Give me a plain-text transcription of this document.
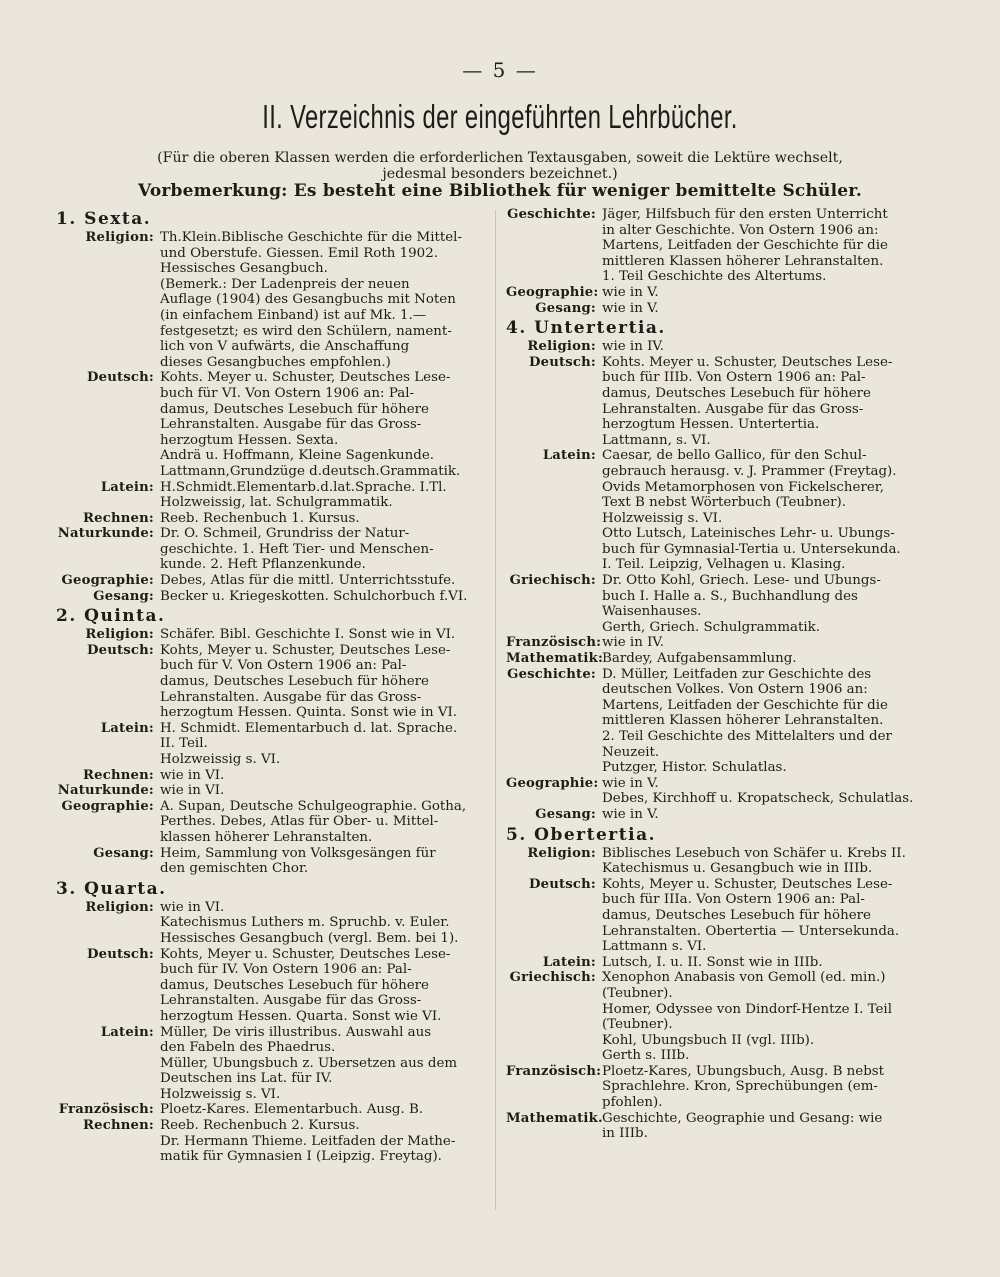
— 5 —
II. Verzeichnis der eingeführten Lehrbücher.
(Für die oberen Klassen werden die erforderlichen Textausgaben, soweit die Lektüre wechselt,
jedesmal besonders bezeichnet.)
Vorbemerkung: Es besteht eine Bibliothek für weniger bemittelte Schüler.
1. Sexta.
Religion: Th.Klein.Biblische Geschichte für die Mittel-
und Oberstufe. Giessen. Emil Roth 1902.
Hessisches Gesangbuch.
(Bemerk.: Der Ladenpreis der neuen
Auflage (1904) des Gesangbuchs mit Noten
(in einfachem Einband) ist auf Mk. 1.—
festgesetzt; es wird den Schülern, nament-
lich von V aufwärts, die Anschaffung
dieses Gesangbuches empfohlen.)
Deutsch: Kohts. Meyer u. Schuster, Deutsches Lese-
buch für VI. Von Ostern 1906 an: Pal-
damus, Deutsches Lesebuch für höhere
Lehranstalten. Ausgabe für das Gross-
herzogtum Hessen. Sexta.
Andrä u. Hoffmann, Kleine Sagenkunde.
Lattmann,Grundzüge d.deutsch.Grammatik.
Latein: H.Schmidt.Elementarb.d.lat.Sprache. I.Tl.
Holzweissig, lat. Schulgrammatik.
Rechnen: Reeb. Rechenbuch 1. Kursus.
Naturkunde: Dr. O. Schmeil, Grundriss der Natur-
geschichte. 1. Heft Tier- und Menschen-
kunde. 2. Heft Pflanzenkunde.
Geographie: Debes, Atlas für die mittl. Unterrichtsstufe.
Gesang: Becker u. Kriegeskotten. Schulchorbuch f.VI.
2. Quinta.
Religion: Schäfer. Bibl. Geschichte I. Sonst wie in VI.
Deutsch: Kohts, Meyer u. Schuster, Deutsches Lese-
buch für V. Von Ostern 1906 an: Pal-
damus, Deutsches Lesebuch für höhere
Lehranstalten. Ausgabe für das Gross-
herzogtum Hessen. Quinta. Sonst wie in VI.
Latein: H. Schmidt. Elementarbuch d. lat. Sprache.
II. Teil.
Holzweissig s. VI.
Rechnen: wie in VI.
Naturkunde: wie in VI.
Geographie: A. Supan, Deutsche Schulgeographie. Gotha,
Perthes. Debes, Atlas für Ober- u. Mittel-
klassen höherer Lehranstalten.
Gesang: Heim, Sammlung von Volksgesängen für
den gemischten Chor.
3. Quarta.
Religion: wie in VI.
Katechismus Luthers m. Spruchb. v. Euler.
Hessisches Gesangbuch (vergl. Bem. bei 1).
Deutsch: Kohts, Meyer u. Schuster, Deutsches Lese-
buch für IV. Von Ostern 1906 an: Pal-
damus, Deutsches Lesebuch für höhere
Lehranstalten. Ausgabe für das Gross-
herzogtum Hessen. Quarta. Sonst wie VI.
Latein: Müller, De viris illustribus. Auswahl aus
den Fabeln des Phaedrus.
Müller, Übungsbuch z. Übersetzen aus dem
Deutschen ins Lat. für IV.
Holzweissig s. VI.
Französisch: Ploetz-Kares. Elementarbuch. Ausg. B.
Rechnen: Reeb. Rechenbuch 2. Kursus.
Dr. Hermann Thieme. Leitfaden der Mathe-
matik für Gymnasien I (Leipzig. Freytag).
Geschichte: Jäger, Hilfsbuch für den ersten Unterricht
in alter Geschichte. Von Ostern 1906 an:
Martens, Leitfaden der Geschichte für die
mittleren Klassen höherer Lehranstalten.
1. Teil Geschichte des Altertums.
Geographie: wie in V.
Gesang: wie in V.
4. Untertertia.
Religion: wie in IV.
Deutsch: Kohts. Meyer u. Schuster, Deutsches Lese-
buch für IIIb. Von Ostern 1906 an: Pal-
damus, Deutsches Lesebuch für höhere
Lehranstalten. Ausgabe für das Gross-
herzogtum Hessen. Untertertia.
Lattmann, s. VI.
Latein: Caesar, de bello Gallico, für den Schul-
gebrauch herausg. v. J. Prammer (Freytag).
Ovids Metamorphosen von Fickelscherer,
Text B nebst Wörterbuch (Teubner).
Holzweissig s. VI.
Otto Lutsch, Lateinisches Lehr- u. Übungs-
buch für Gymnasial-Tertia u. Untersekunda.
I. Teil. Leipzig, Velhagen u. Klasing.
Griechisch: Dr. Otto Kohl, Griech. Lese- und Übungs-
buch I. Halle a. S., Buchhandlung des
Waisenhauses.
Gerth, Griech. Schulgrammatik.
Französisch: wie in IV.
Mathematik:
Bardey, Aufgabensammlung.
Geschichte: D. Müller, Leitfaden zur Geschichte des
deutschen Volkes. Von Ostern 1906 an:
Martens, Leitfaden der Geschichte für die
mittleren Klassen höherer Lehranstalten.
2. Teil Geschichte des Mittelalters und der
Neuzeit.
Putzger, Histor. Schulatlas.
Geographie: wie in V.
Debes, Kirchhoff u. Kropatscheck, Schulatlas.
Gesang: wie in V.
5. Obertertia.
Religion: Biblisches Lesebuch von Schäfer u. Krebs II.
Katechismus u. Gesangbuch wie in IIIb.
Deutsch: Kohts, Meyer u. Schuster, Deutsches Lese-
buch für IIIa. Von Ostern 1906 an: Pal-
damus, Deutsches Lesebuch für höhere
Lehranstalten. Obertertia — Untersekunda.
Lattmann s. VI.
Latein: Lutsch, I. u. II. Sonst wie in IIIb.
Griechisch: Xenophon Anabasis von Gemoll (ed. min.)
(Teubner).
Homer, Odyssee von Dindorf-Hentze I. Teil
(Teubner).
Kohl, Übungsbuch II (vgl. IIIb).
Gerth s. IIIb.
Französisch: Ploetz-Kares, Übungsbuch, Ausg. B nebst
Sprachlehre. Kron, Sprechübungen (em-
pfohlen).
Mathematik. Geschichte, Geographie und Gesang: wie
in IIIb.
